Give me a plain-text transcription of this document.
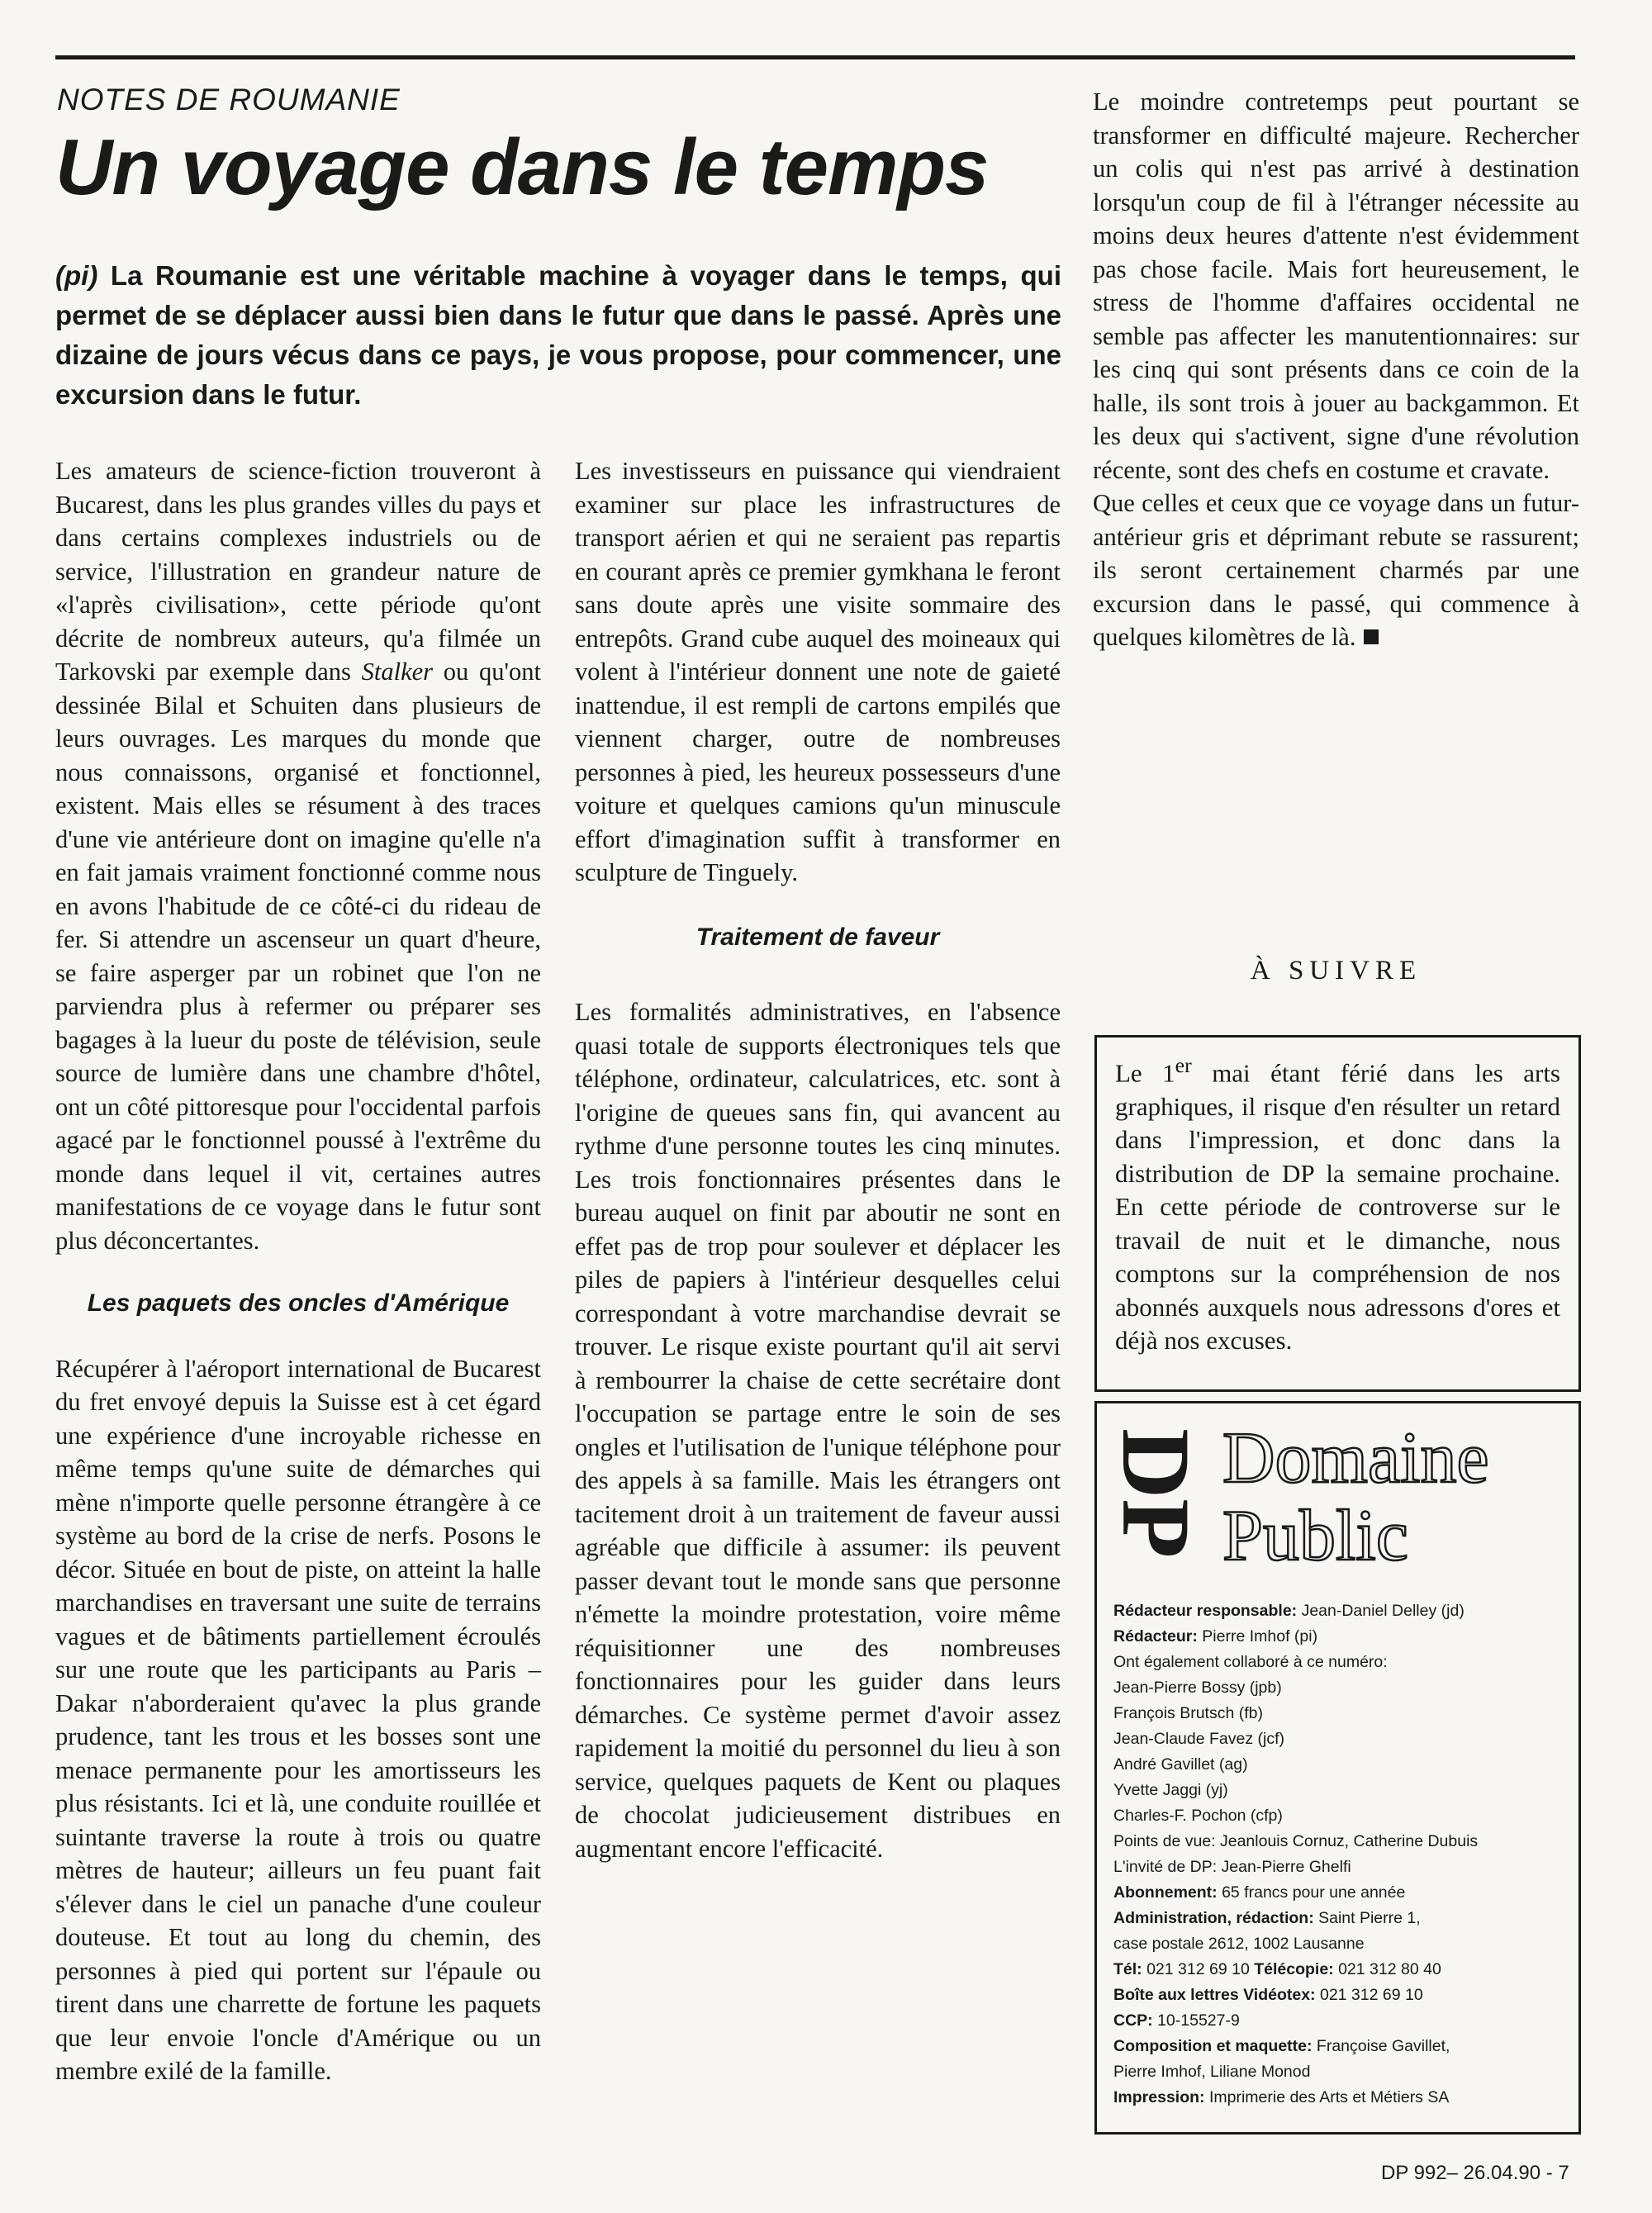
NOTES DE ROUMANIE
Un voyage dans le temps
(pi) La Roumanie est une véritable machine à voyager dans le temps, qui permet de se déplacer aussi bien dans le futur que dans le passé. Après une dizaine de jours vécus dans ce pays, je vous propose, pour commencer, une excursion dans le futur.

Les amateurs de science-fiction trouveront à Bucarest, dans les plus grandes villes du pays et dans certains complexes industriels ou de service, l'illustration en grandeur nature de «l'après civilisation», cette période qu'ont décrite de nombreux auteurs, qu'a filmée un Tarkovski par exemple dans Stalker ou qu'ont dessinée Bilal et Schuiten dans plusieurs de leurs ouvrages. Les marques du monde que nous connaissons, organisé et fonctionnel, existent. Mais elles se résument à des traces d'une vie antérieure dont on imagine qu'elle n'a en fait jamais vraiment fonctionné comme nous en avons l'habitude de ce côté-ci du rideau de fer. Si attendre un ascenseur un quart d'heure, se faire asperger par un robinet que l'on ne parviendra plus à refermer ou préparer ses bagages à la lueur du poste de télévision, seule source de lumière dans une chambre d'hôtel, ont un côté pittoresque pour l'occidental parfois agacé par le fonctionnel poussé à l'extrême du monde dans lequel il vit, certaines autres manifestations de ce voyage dans le futur sont plus déconcertantes.

Les paquets des oncles d'Amérique

Récupérer à l'aéroport international de Bucarest du fret envoyé depuis la Suisse est à cet égard une expérience d'une incroyable richesse en même temps qu'une suite de démarches qui mène n'importe quelle personne étrangère à ce système au bord de la crise de nerfs. Posons le décor. Située en bout de piste, on atteint la halle marchandises en traversant une suite de terrains vagues et de bâtiments partiellement écroulés sur une route que les participants au Paris – Dakar n'aborderaient qu'avec la plus grande prudence, tant les trous et les bosses sont une menace permanente pour les amortisseurs les plus résistants. Ici et là, une conduite rouillée et suintante traverse la route à trois ou quatre mètres de hauteur; ailleurs un feu puant fait s'élever dans le ciel un panache d'une couleur douteuse. Et tout au long du chemin, des personnes à pied qui portent sur l'épaule ou tirent dans une charrette de fortune les paquets que leur envoie l'oncle d'Amérique ou un membre exilé de la famille.

Les investisseurs en puissance qui viendraient examiner sur place les infrastructures de transport aérien et qui ne seraient pas repartis en courant après ce premier gymkhana le feront sans doute après une visite sommaire des entrepôts. Grand cube auquel des moineaux qui volent à l'intérieur donnent une note de gaieté inattendue, il est rempli de cartons empilés que viennent charger, outre de nombreuses personnes à pied, les heureux possesseurs d'une voiture et quelques camions qu'un minuscule effort d'imagination suffit à transformer en sculpture de Tinguely.

Traitement de faveur

Les formalités administratives, en l'absence quasi totale de supports électroniques tels que téléphone, ordinateur, calculatrices, etc. sont à l'origine de queues sans fin, qui avancent au rythme d'une personne toutes les cinq minutes. Les trois fonctionnaires présentes dans le bureau auquel on finit par aboutir ne sont en effet pas de trop pour soulever et déplacer les piles de papiers à l'intérieur desquelles celui correspondant à votre marchandise devrait se trouver. Le risque existe pourtant qu'il ait servi à rembourrer la chaise de cette secrétaire dont l'occupation se partage entre le soin de ses ongles et l'utilisation de l'unique téléphone pour des appels à sa famille. Mais les étrangers ont tacitement droit à un traitement de faveur aussi agréable que difficile à assumer: ils peuvent passer devant tout le monde sans que personne n'émette la moindre protestation, voire même réquisitionner une des nombreuses fonctionnaires pour les guider dans leurs démarches. Ce système permet d'avoir assez rapidement la moitié du personnel du lieu à son service, quelques paquets de Kent ou plaques de chocolat judicieusement distribues en augmentant encore l'efficacité.

Le moindre contretemps peut pourtant se transformer en difficulté majeure. Rechercher un colis qui n'est pas arrivé à destination lorsqu'un coup de fil à l'étranger nécessite au moins deux heures d'attente n'est évidemment pas chose facile. Mais fort heureusement, le stress de l'homme d'affaires occidental ne semble pas affecter les manutentionnaires: sur les cinq qui sont présents dans ce coin de la halle, ils sont trois à jouer au backgammon. Et les deux qui s'activent, signe d'une révolution récente, sont des chefs en costume et cravate.

Que celles et ceux que ce voyage dans un futur-antérieur gris et déprimant rebute se rassurent; ils seront certainement charmés par une excursion dans le passé, qui commence à quelques kilomètres de là.

À SUIVRE
Le 1er mai étant férié dans les arts graphiques, il risque d'en résulter un retard dans l'impression, et donc dans la distribution de DP la semaine prochaine. En cette période de controverse sur le travail de nuit et le dimanche, nous comptons sur la compréhension de nos abonnés auxquels nous adressons d'ores et déjà nos excuses.
DP Domaine
Public
Rédacteur responsable: Jean-Daniel Delley (jd)
Rédacteur: Pierre Imhof (pi)
Ont également collaboré à ce numéro:
Jean-Pierre Bossy (jpb)
François Brutsch (fb)
Jean-Claude Favez (jcf)
André Gavillet (ag)
Yvette Jaggi (yj)
Charles-F. Pochon (cfp)
Points de vue: Jeanlouis Cornuz, Catherine Dubuis
L'invité de DP: Jean-Pierre Ghelfi
Abonnement: 65 francs pour une année
Administration, rédaction: Saint Pierre 1,
case postale 2612, 1002 Lausanne
Tél: 021 312 69 10 Télécopie: 021 312 80 40
Boîte aux lettres Vidéotex: 021 312 69 10
CCP: 10-15527-9
Composition et maquette: Françoise Gavillet,
Pierre Imhof, Liliane Monod
Impression: Imprimerie des Arts et Métiers SA
DP 992– 26.04.90 - 7
